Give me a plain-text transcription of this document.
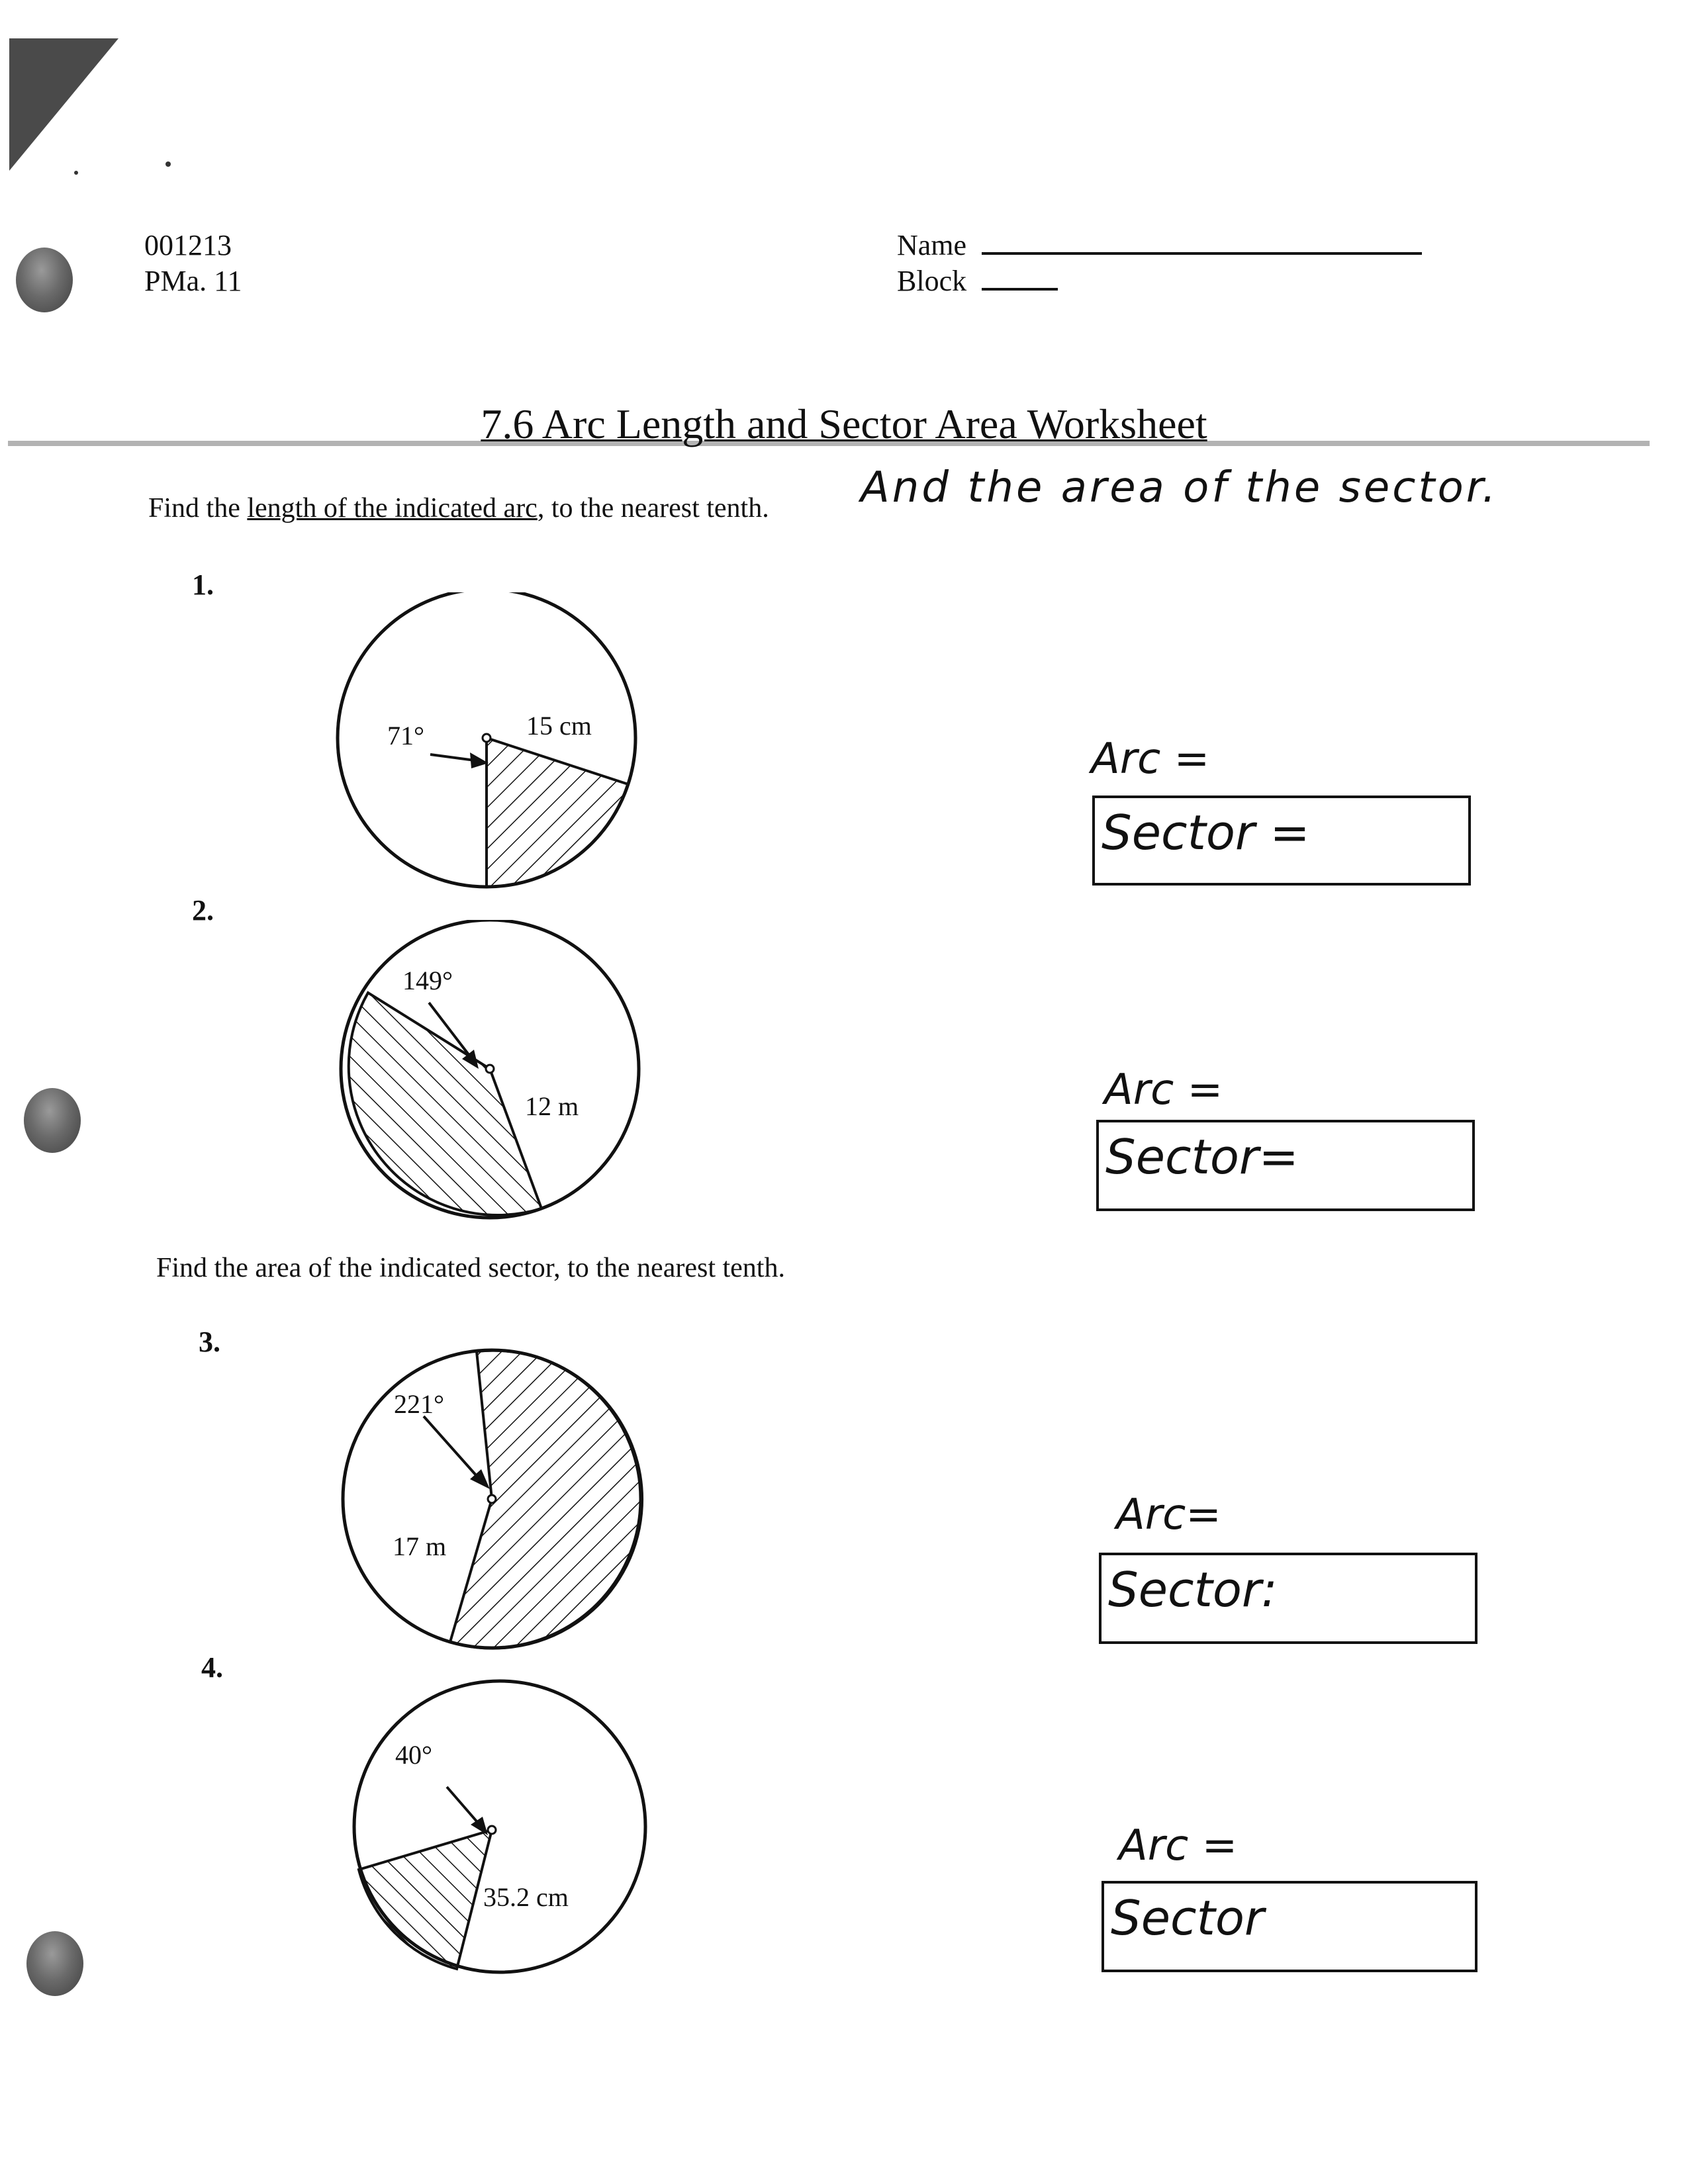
001213
PMa. 11
Name
Block
7.6 Arc Length and Sector Area Worksheet
Find the length of the indicated arc, to the nearest tenth. And the area of the sector.
1.
71°	15 cm
Arc =
Sector =
2.
149°
12 m	Arc =
Sector=
Find the area of the indicated sector, to the nearest tenth.
3.
221°
17 m
Arc=
Sector:
4.
40°
35.2 cm
Arc =
Sector
